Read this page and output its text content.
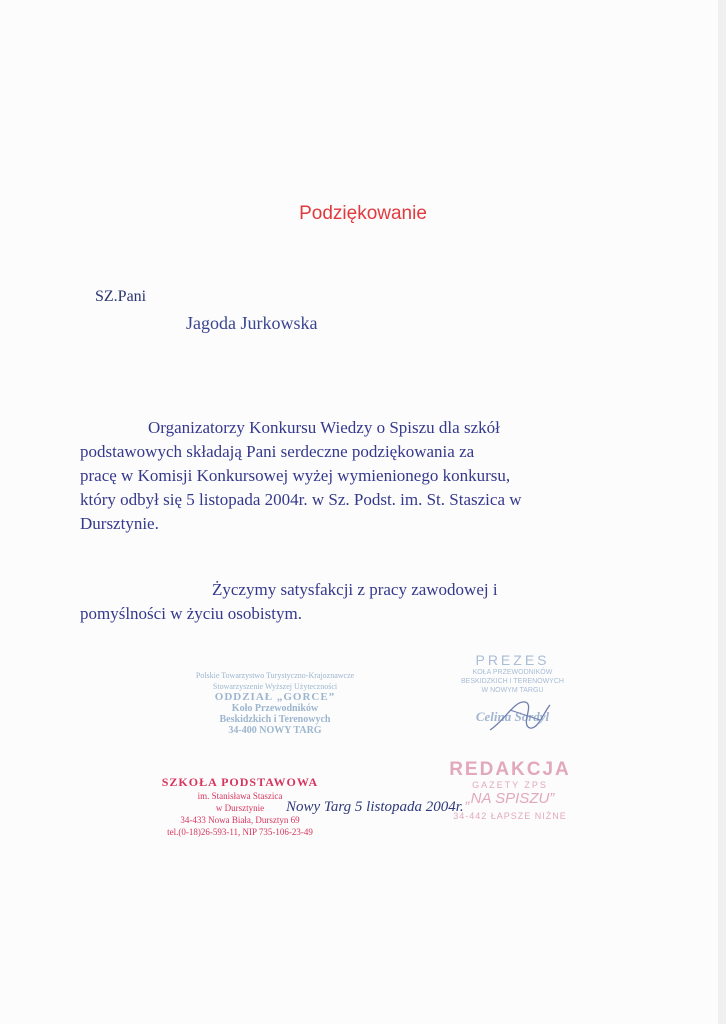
Podziękowanie
SZ.Pani
Jagoda Jurkowska
Organizatorzy Konkursu Wiedzy o Spiszu dla szkół
podstawowych składają Pani serdeczne podziękowania za
pracę w Komisji Konkursowej wyżej wymienionego konkursu,
który odbył się 5 listopada 2004r. w Sz. Podst. im. St. Staszica w
Dursztynie.
Życzymy satysfakcji z pracy zawodowej i
pomyślności w życiu osobistym.
Polskie Towarzystwo Turystyczno-Krajoznawcze
Stowarzyszenie Wyższej Użyteczności
ODDZIAŁ „GORCE”
Koło Przewodników
Beskidzkich i Terenowych
34-400 NOWY TARG
PREZES
KOŁA PRZEWODNIKÓW
BESKIDZKICH I TERENOWYCH
W NOWYM TARGU
Celina Sordyl
SZKOŁA PODSTAWOWA
im. Stanisława Staszica
w Dursztynie
34-433 Nowa Biała, Dursztyn 69
tel.(0-18)26-593-11, NIP 735-106-23-49
REDAKCJA
GAZETY ZPS
„NA SPISZU”
34-442 ŁAPSZE NIŻNE
Nowy Targ 5 listopada 2004r.
